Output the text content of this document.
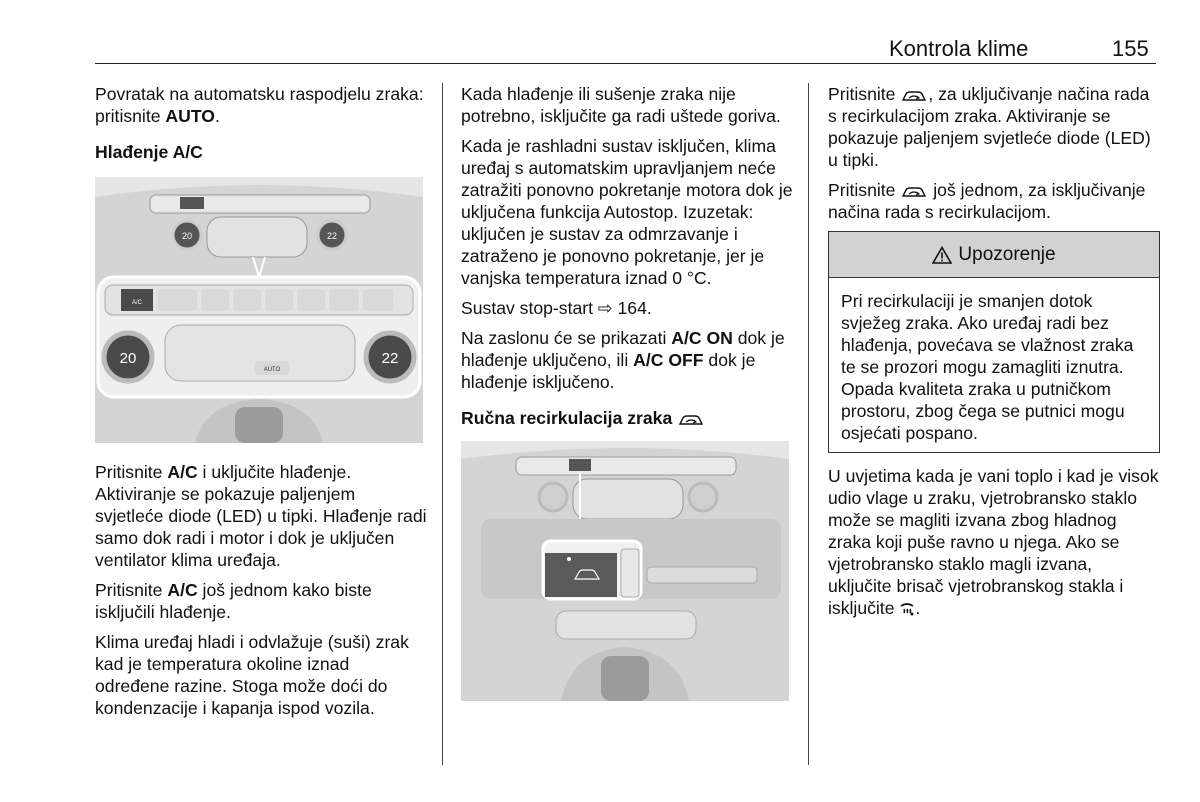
Kontrola klime	155

Povratak na automatsku raspodjelu zraka: pritisnite AUTO.

Hlađenje A/C

20	22
A/C
AUTO
20	22

Pritisnite A/C i uključite hlađenje. Aktiviranje se pokazuje paljenjem svjetleće diode (LED) u tipki. Hlađenje radi samo dok radi i motor i dok je uključen ventilator klima uređaja.

Pritisnite A/C još jednom kako biste isključili hlađenje.

Klima uređaj hladi i odvlažuje (suši) zrak kad je temperatura okoline iznad određene razine. Stoga može doći do kondenzacije i kapanja ispod vozila.

Kada hlađenje ili sušenje zraka nije potrebno, isključite ga radi uštede goriva.

Kada je rashladni sustav isključen, klima uređaj s automatskim upravljanjem neće zatražiti ponovno pokretanje motora dok je uključena funkcija Autostop. Izuzetak: uključen je sustav za odmrzavanje i zatraženo je ponovno pokretanje, jer je vanjska temperatura iznad 0 °C.

Sustav stop-start ⇨ 164.

Na zaslonu će se prikazati A/C ON dok je hlađenje uključeno, ili A/C OFF dok je hlađenje isključeno.

Ručna recirkulacija zraka

Pritisnite , za uključivanje načina rada s recirkulacijom zraka. Aktiviranje se pokazuje paljenjem svjetleće diode (LED) u tipki.

Pritisnite  još jednom, za isključivanje načina rada s recirkulacijom.

Upozorenje
Pri recirkulaciji je smanjen dotok svježeg zraka. Ako uređaj radi bez hlađenja, povećava se vlažnost zraka te se prozori mogu zamagliti iznutra. Opada kvaliteta zraka u putničkom prostoru, zbog čega se putnici mogu osjećati pospano.

U uvjetima kada je vani toplo i kad je visok udio vlage u zraku, vjetrobransko staklo može se magliti izvana zbog hladnog zraka koji puše ravno u njega. Ako se vjetrobransko staklo magli izvana, uključite brisač vjetrobranskog stakla i isključite .
